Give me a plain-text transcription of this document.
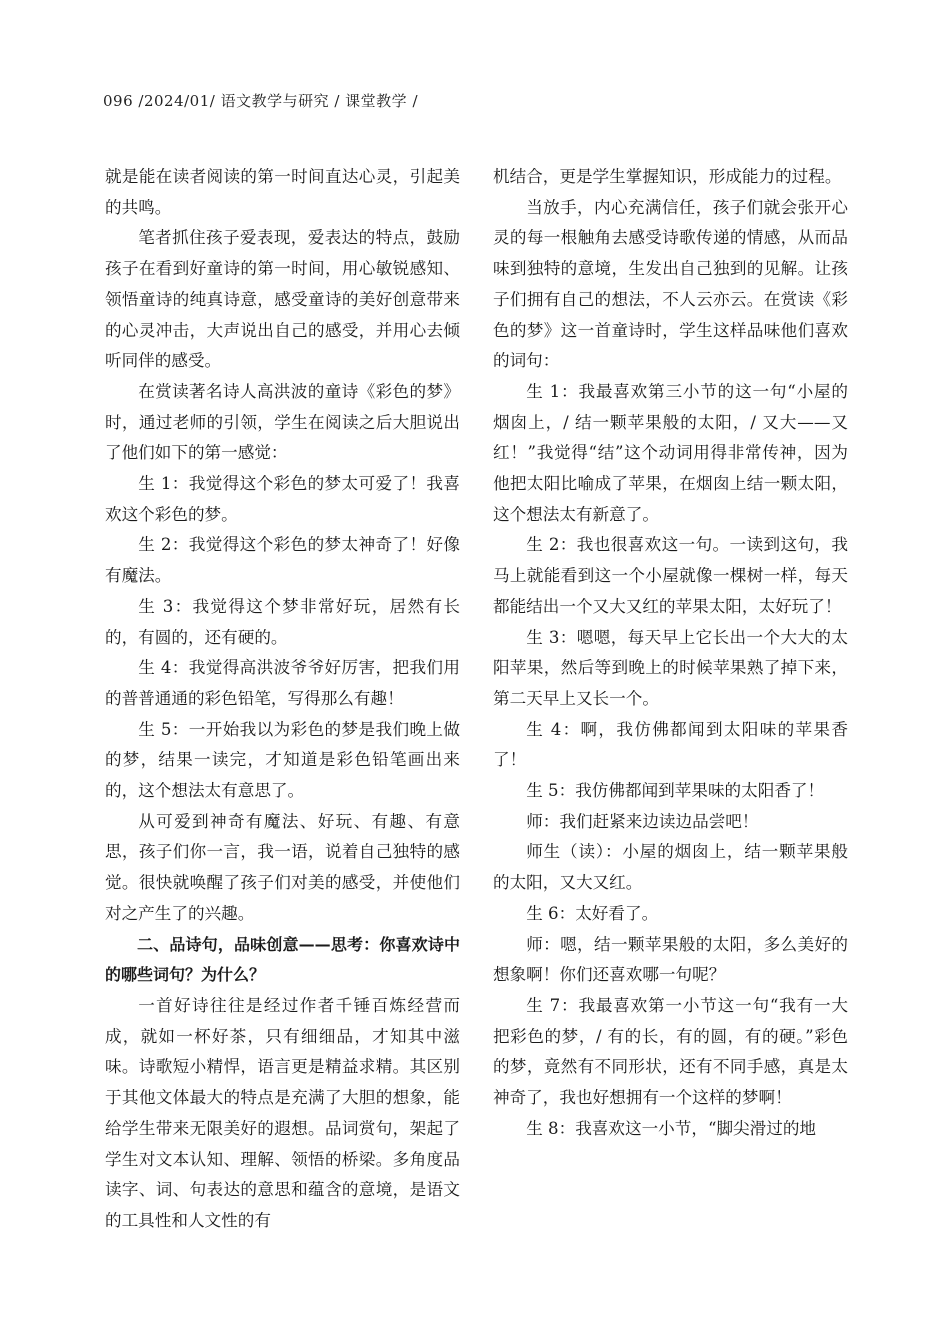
096 /2024/01/ 语文教学与研究 / 课堂教学 /

就是能在读者阅读的第一时间直达心灵，引起美的共鸣。

笔者抓住孩子爱表现，爱表达的特点，鼓励孩子在看到好童诗的第一时间，用心敏锐感知、领悟童诗的纯真诗意，感受童诗的美好创意带来的心灵冲击，大声说出自己的感受，并用心去倾听同伴的感受。

在赏读著名诗人高洪波的童诗《彩色的梦》时，通过老师的引领，学生在阅读之后大胆说出了他们如下的第一感觉：

生 1：我觉得这个彩色的梦太可爱了！我喜欢这个彩色的梦。

生 2：我觉得这个彩色的梦太神奇了！好像有魔法。

生 3：我觉得这个梦非常好玩，居然有长的，有圆的，还有硬的。

生 4：我觉得高洪波爷爷好厉害，把我们用的普普通通的彩色铅笔，写得那么有趣！

生 5：一开始我以为彩色的梦是我们晚上做的梦，结果一读完，才知道是彩色铅笔画出来的，这个想法太有意思了。

从可爱到神奇有魔法、好玩、有趣、有意思，孩子们你一言，我一语，说着自己独特的感觉。很快就唤醒了孩子们对美的感受，并使他们对之产生了的兴趣。

二、品诗句，品味创意——思考：你喜欢诗中的哪些词句？为什么？

一首好诗往往是经过作者千锤百炼经营而成，就如一杯好茶，只有细细品，才知其中滋味。诗歌短小精悍，语言更是精益求精。其区别于其他文体最大的特点是充满了大胆的想象，能给学生带来无限美好的遐想。品词赏句，架起了学生对文本认知、理解、领悟的桥梁。多角度品读字、词、句表达的意思和蕴含的意境，是语文的工具性和人文性的有

机结合，更是学生掌握知识，形成能力的过程。

当放手，内心充满信任，孩子们就会张开心灵的每一根触角去感受诗歌传递的情感，从而品味到独特的意境，生发出自己独到的见解。让孩子们拥有自己的想法，不人云亦云。在赏读《彩色的梦》这一首童诗时，学生这样品味他们喜欢的词句：

生 1：我最喜欢第三小节的这一句“小屋的烟囱上，/ 结一颗苹果般的太阳，/ 又大——又红！”我觉得“结”这个动词用得非常传神，因为他把太阳比喻成了苹果，在烟囱上结一颗太阳，这个想法太有新意了。

生 2：我也很喜欢这一句。一读到这句，我马上就能看到这一个小屋就像一棵树一样，每天都能结出一个又大又红的苹果太阳，太好玩了！

生 3：嗯嗯，每天早上它长出一个大大的太阳苹果，然后等到晚上的时候苹果熟了掉下来，第二天早上又长一个。

生 4：啊，我仿佛都闻到太阳味的苹果香了！

生 5：我仿佛都闻到苹果味的太阳香了！

师：我们赶紧来边读边品尝吧！

师生（读）：小屋的烟囱上，结一颗苹果般的太阳，又大又红。

生 6：太好看了。

师：嗯，结一颗苹果般的太阳，多么美好的想象啊！你们还喜欢哪一句呢？

生 7：我最喜欢第一小节这一句“我有一大把彩色的梦，/ 有的长，有的圆，有的硬。”彩色的梦，竟然有不同形状，还有不同手感，真是太神奇了，我也好想拥有一个这样的梦啊！

生 8：我喜欢这一小节，“脚尖滑过的地
